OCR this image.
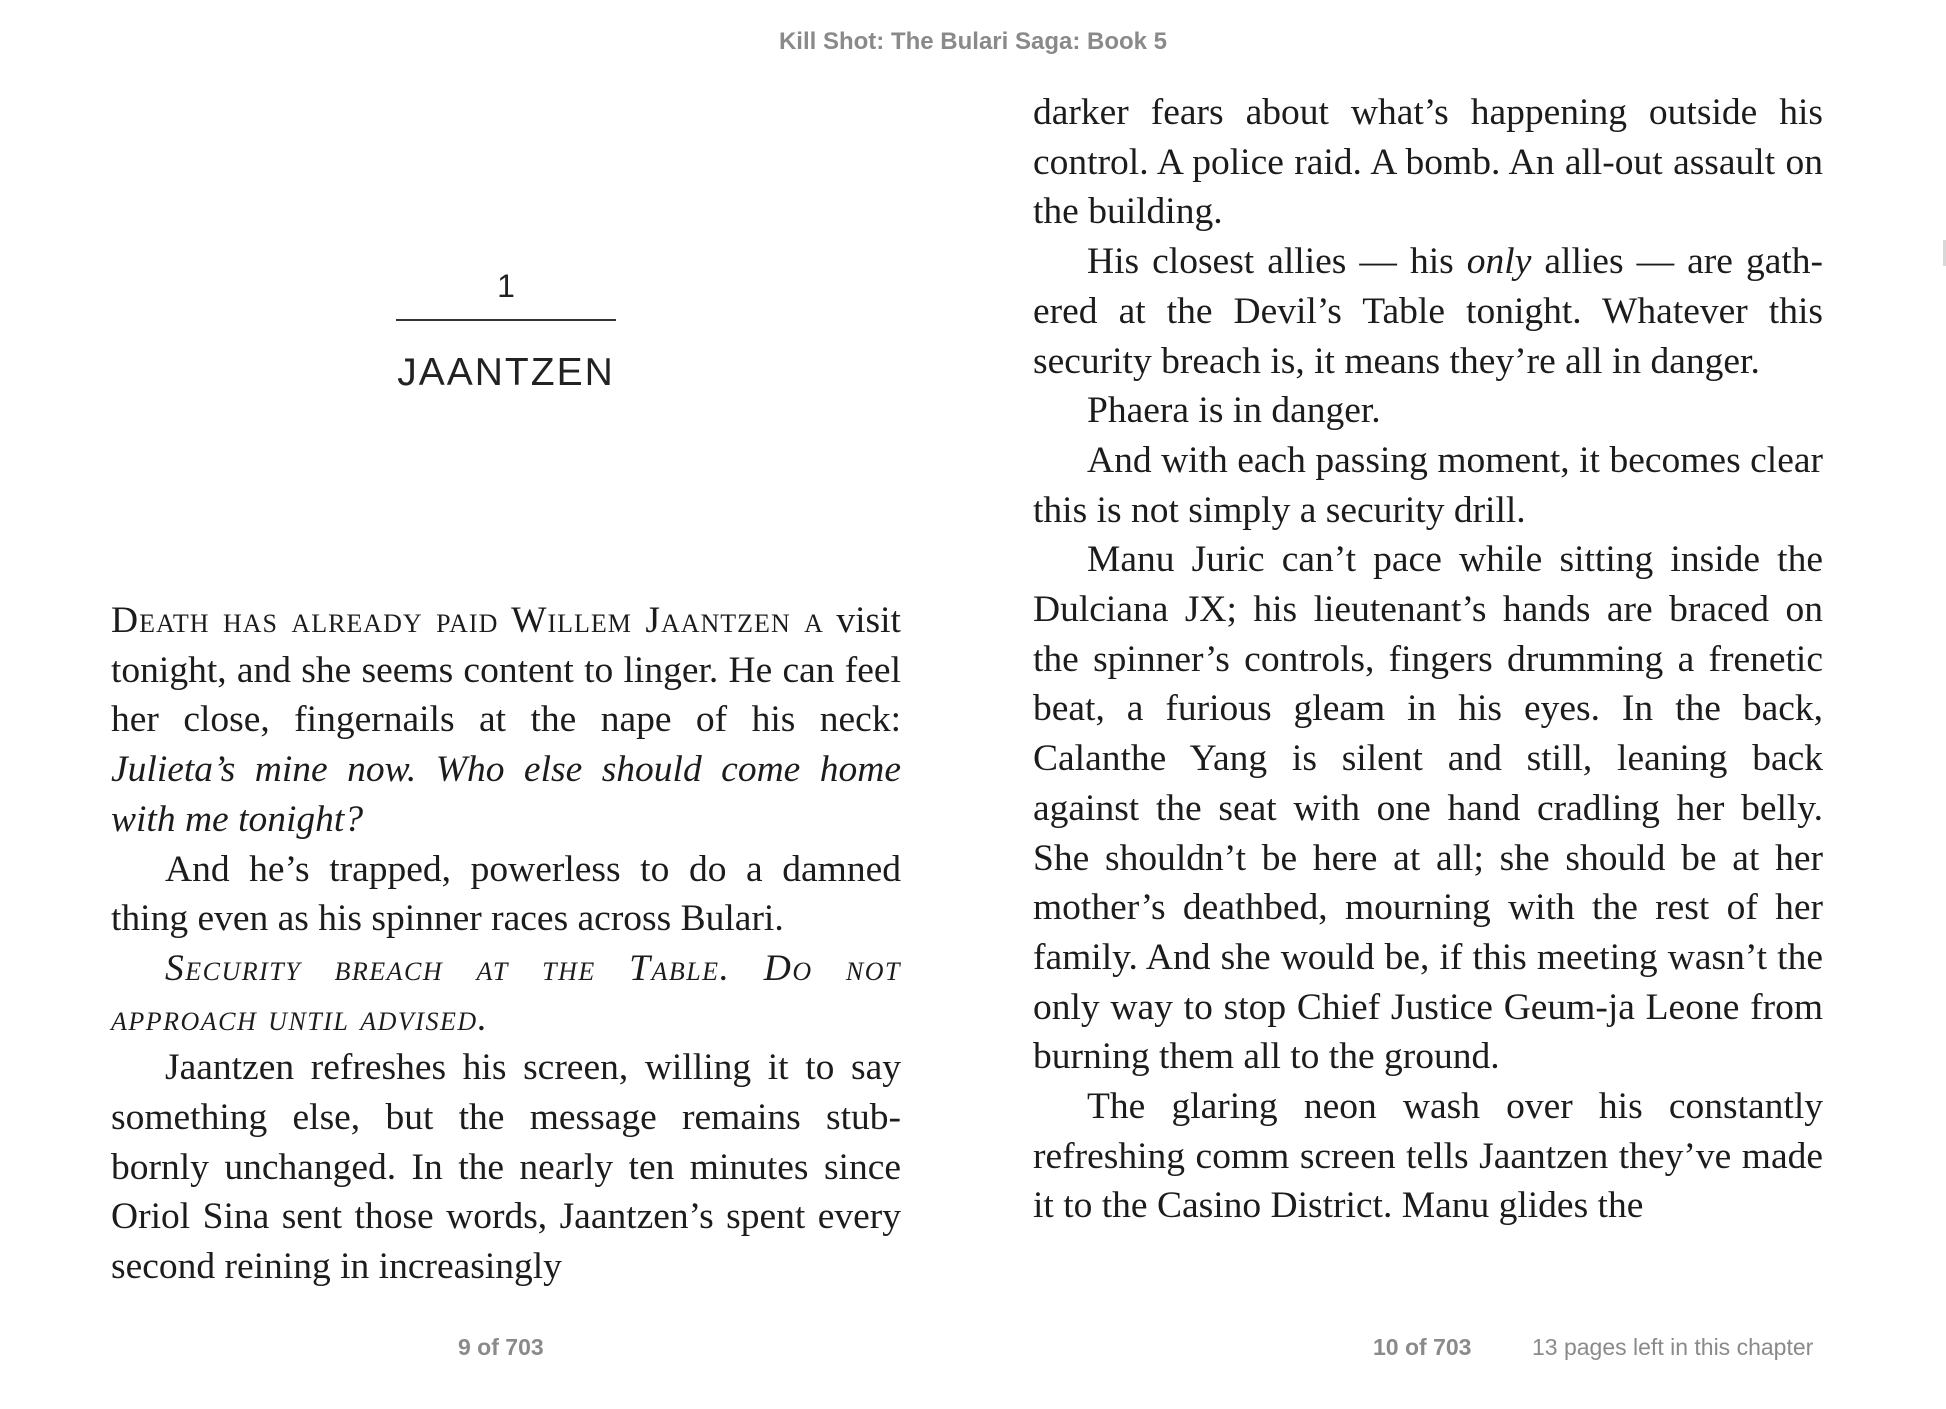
Kill Shot: The Bulari Saga: Book 5
1
JAANTZEN

Death has already paid Willem Jaantzen a visit tonight, and she seems content to linger. He can feel her close, fingernails at the nape of his neck: Julieta’s mine now. Who else should come home with me tonight?

And he’s trapped, powerless to do a damned thing even as his spinner races across Bulari.

Security breach at the Table. Do not approach until advised.

Jaantzen refreshes his screen, willing it to say something else, but the message remains stub-bornly unchanged. In the nearly ten minutes since Oriol Sina sent those words, Jaantzen’s spent every second reining in increasingly

darker fears about what’s happening outside his control. A police raid. A bomb. An all-out assault on the building.

His closest allies — his only allies — are gath-ered at the Devil’s Table tonight. Whatever this security breach is, it means they’re all in danger.

Phaera is in danger.

And with each passing moment, it becomes clear this is not simply a security drill.

Manu Juric can’t pace while sitting inside the Dulciana JX; his lieutenant’s hands are braced on the spinner’s controls, fingers drumming a frenetic beat, a furious gleam in his eyes. In the back, Calanthe Yang is silent and still, leaning back against the seat with one hand cradling her belly. She shouldn’t be here at all; she should be at her mother’s deathbed, mourning with the rest of her family. And she would be, if this meeting wasn’t the only way to stop Chief Justice Geum-ja Leone from burning them all to the ground.

The glaring neon wash over his constantly refreshing comm screen tells Jaantzen they’ve made it to the Casino District. Manu glides the

9 of 703	10 of 703	13 pages left in this chapter
